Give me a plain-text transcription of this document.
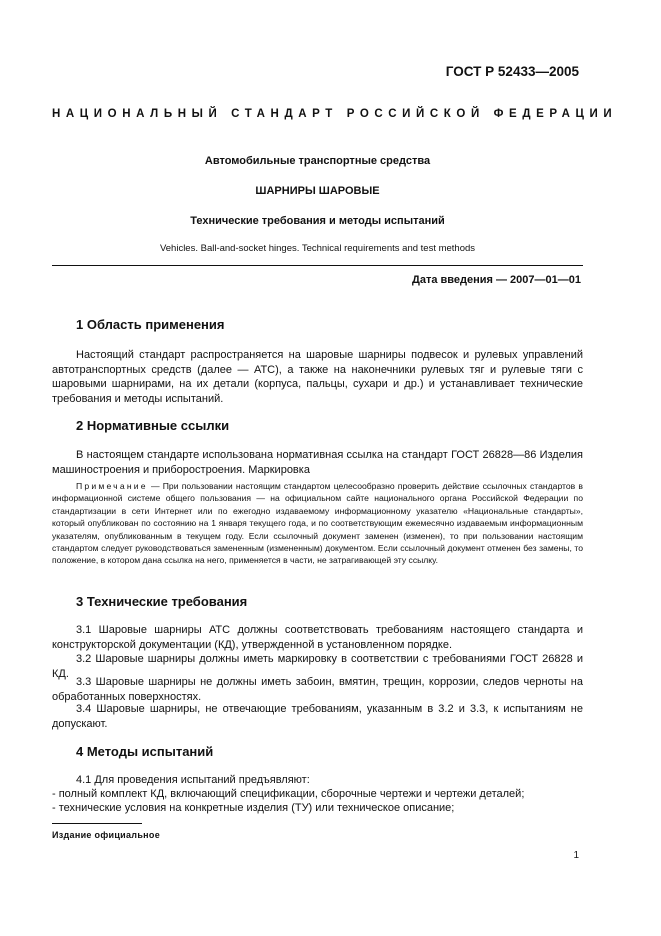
ГОСТ Р 52433—2005
НАЦИОНАЛЬНЫЙ СТАНДАРТ РОССИЙСКОЙ ФЕДЕРАЦИИ
Автомобильные транспортные средства
ШАРНИРЫ ШАРОВЫЕ
Технические требования и методы испытаний
Vehicles. Ball-and-socket hinges. Technical requirements and test methods
Дата введения — 2007—01—01
1 Область применения

Настоящий стандарт распространяется на шаровые шарниры подвесок и рулевых управлений автотранспортных средств (далее — АТС), а также на наконечники рулевых тяг и рулевые тяги с шаровыми шарнирами, на их детали (корпуса, пальцы, сухари и др.) и устанавливает технические требования и методы испытаний.

2 Нормативные ссылки

В настоящем стандарте использована нормативная ссылка на стандарт ГОСТ 26828—86 Изделия машиностроения и приборостроения. Маркировка

Примечание — При пользовании настоящим стандартом целесообразно проверить действие ссылочных стандартов в информационной системе общего пользования — на официальном сайте национального органа Российской Федерации по стандартизации в сети Интернет или по ежегодно издаваемому информационному указателю «Национальные стандарты», который опубликован по состоянию на 1 января текущего года, и по соответствующим ежемесячно издаваемым информационным указателям, опубликованным в текущем году. Если ссылочный документ заменен (изменен), то при пользовании настоящим стандартом следует руководствоваться замененным (измененным) документом. Если ссылочный документ отменен без замены, то положение, в котором дана ссылка на него, применяется в части, не затрагивающей эту ссылку.

3 Технические требования

3.1 Шаровые шарниры АТС должны соответствовать требованиям настоящего стандарта и конструкторской документации (КД), утвержденной в установленном порядке.

3.2 Шаровые шарниры должны иметь маркировку в соответствии с требованиями ГОСТ 26828 и КД.

3.3 Шаровые шарниры не должны иметь забоин, вмятин, трещин, коррозии, следов черноты на обработанных поверхностях.

3.4 Шаровые шарниры, не отвечающие требованиям, указанным в 3.2 и 3.3, к испытаниям не допускают.

4 Методы испытаний

4.1 Для проведения испытаний предъявляют:

- полный комплект КД, включающий спецификации, сборочные чертежи и чертежи деталей;
- технические условия на конкретные изделия (ТУ) или техническое описание;
Издание официальное
1
